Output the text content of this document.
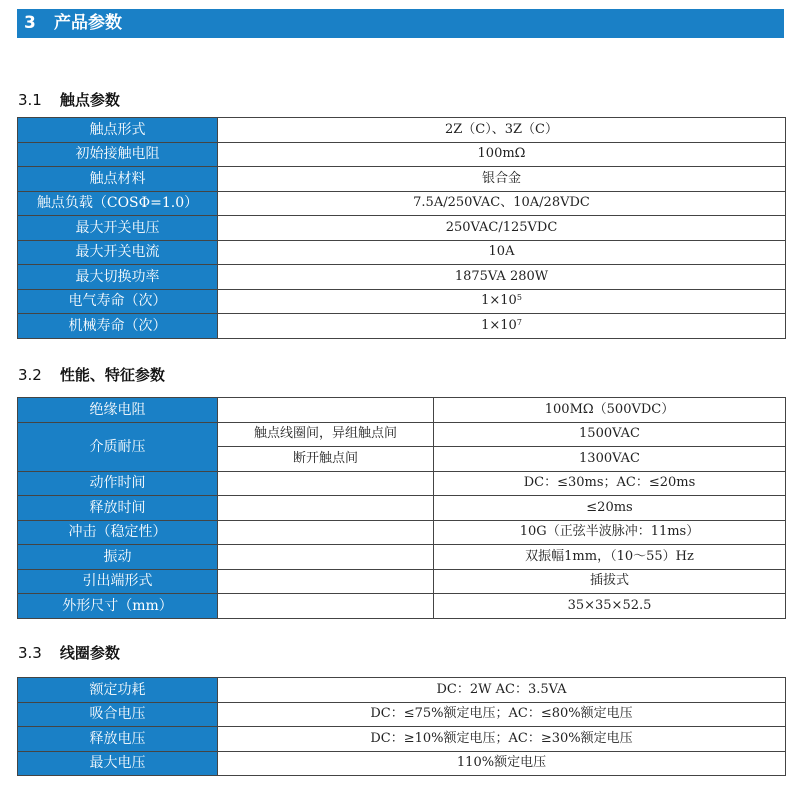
3 产品参数
3.1 触点参数
触点形式	2Z（C）、3Z（C）
初始接触电阻	100mΩ
触点材料	银合金
触点负载（COSΦ=1.0）	7.5A/250VAC、10A/28VDC
最大开关电压	250VAC/125VDC
最大开关电流	10A
最大切换功率	1875VA 280W
电气寿命（次）	$1\times 10^5$
机械寿命（次）	$1\times 10^7$
3.2 性能、特征参数
绝缘电阻		100MΩ（500VDC）
介质耐压	触点线圈间，异组触点间	1500VAC
	断开触点间	1300VAC
动作时间		DC：≤30ms；AC：≤20ms
释放时间		≤20ms
冲击（稳定性）		10G（正弦半波脉冲：11ms）
振动		双振幅1mm，（10～55）Hz
引出端形式		插拔式
外形尺寸（mm）		35×35×52.5
3.3 线圈参数
额定功耗	DC：2W AC：3.5VA
吸合电压	DC：≤75%额定电压；AC：≤80%额定电压
释放电压	DC：≥10%额定电压；AC：≥30%额定电压
最大电压	110%额定电压
